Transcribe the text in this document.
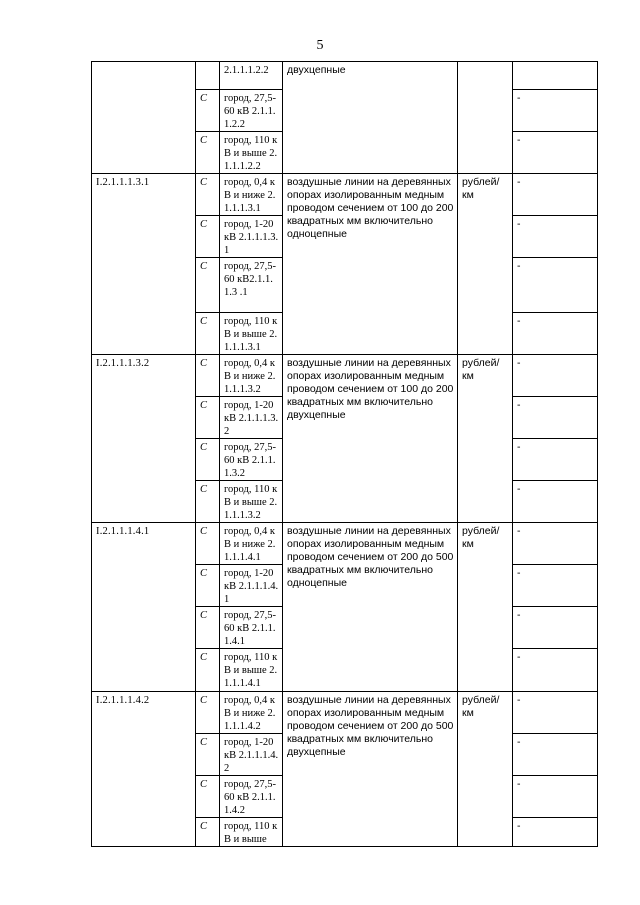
5
		2.1.1.1.2.2	двухцепные		
	С	город, 27,5-60 кВ 2.1.1.1.2.2			-
	С	город, 110 кВ и выше 2.1.1.1.2.2			-
I.2.1.1.1.3.1	С	город, 0,4 кВ и ниже 2.1.1.1.3.1	воздушные линии на деревянных опорах изолированным медным проводом сечением от 100 до 200 квадратных мм включительно одноцепные	рублей/ км	-
	С	город, 1-20 кВ 2.1.1.1.3.1			-
	С	город, 27,5-60 кВ2.1.1.1.3 .1			-
	С	город, 110 кВ и выше 2.1.1.1.3.1			-
I.2.1.1.1.3.2	С	город, 0,4 кВ и ниже 2.1.1.1.3.2	воздушные линии на деревянных опорах изолированным медным проводом сечением от 100 до 200 квадратных мм включительно двухцепные	рублей/ км	-
	С	город, 1-20 кВ 2.1.1.1.3.2			-
	С	город, 27,5-60 кВ 2.1.1.1.3.2			-
	С	город, 110 кВ и выше 2.1.1.1.3.2			-
I.2.1.1.1.4.1	С	город, 0,4 кВ и ниже 2.1.1.1.4.1	воздушные линии на деревянных опорах изолированным медным проводом сечением от 200 до 500 квадратных мм включительно одноцепные	рублей/ км	-
	С	город, 1-20 кВ 2.1.1.1.4.1			-
	С	город, 27,5-60 кВ 2.1.1.1.4.1			-
	С	город, 110 кВ и выше 2.1.1.1.4.1			-
I.2.1.1.1.4.2	С	город, 0,4 кВ и ниже 2.1.1.1.4.2	воздушные линии на деревянных опорах изолированным медным проводом сечением от 200 до 500 квадратных мм включительно двухцепные	рублей/ км	-
	С	город, 1-20 кВ 2.1.1.1.4.2			-
	С	город, 27,5-60 кВ 2.1.1.1.4.2			-
	С	город, 110 кВ и выше			-
